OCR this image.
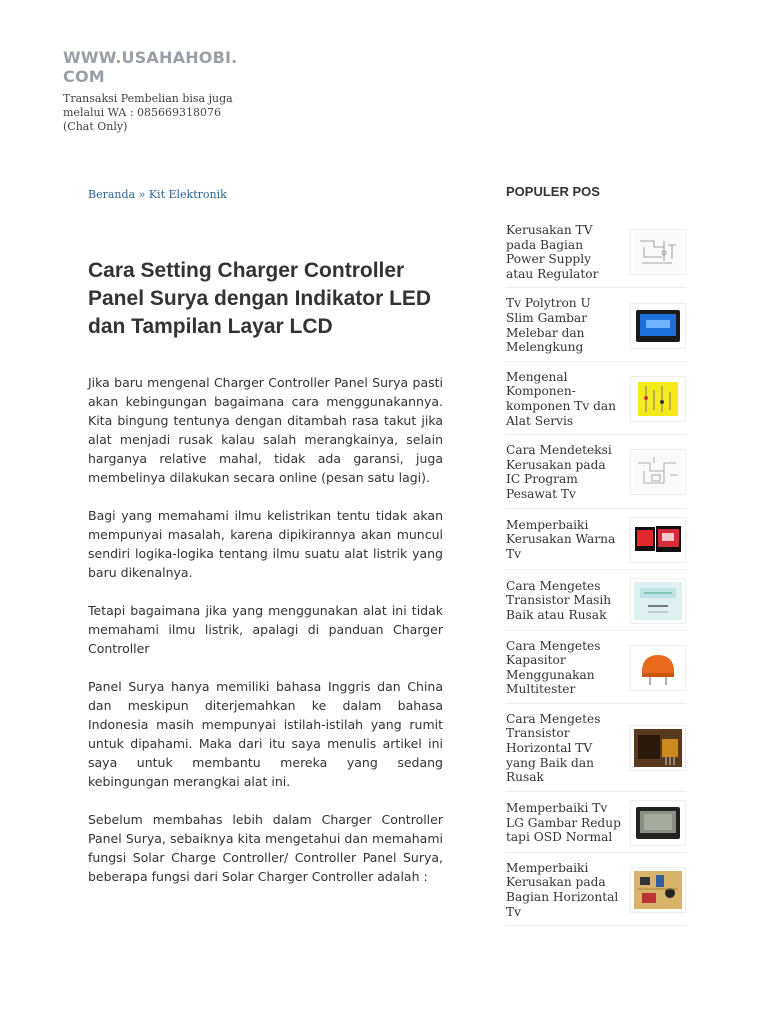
WWW.USAHAHOBI.COM
Transaksi Pembelian bisa juga melalui WA : 085669318076 (Chat Only)
Beranda » Kit Elektronik
Cara Setting Charger Controller Panel Surya dengan Indikator LED dan Tampilan Layar LCD

Jika baru mengenal Charger Controller Panel Surya pasti akan kebingungan bagaimana cara menggunakannya. Kita bingung tentunya dengan ditambah rasa takut jika alat menjadi rusak kalau salah merangkainya, selain harganya relative mahal, tidak ada garansi, juga membelinya dilakukan secara online (pesan satu lagi).

Bagi yang memahami ilmu kelistrikan tentu tidak akan mempunyai masalah, karena dipikirannya akan muncul sendiri logika-logika tentang ilmu suatu alat listrik yang baru dikenalnya.

Tetapi bagaimana jika yang menggunakan alat ini tidak memahami ilmu listrik, apalagi di panduan Charger Controller

Panel Surya hanya memiliki bahasa Inggris dan China dan meskipun diterjemahkan ke dalam bahasa Indonesia masih mempunyai istilah-istilah yang rumit untuk dipahami. Maka dari itu saya menulis artikel ini saya untuk membantu mereka yang sedang kebingungan merangkai alat ini.

Sebelum membahas lebih dalam Charger Controller Panel Surya, sebaiknya kita mengetahui dan memahami fungsi Solar Charge Controller/ Controller Panel Surya, beberapa fungsi dari Solar Charger Controller adalah :

POPULER POS
Kerusakan TV pada Bagian Power Supply atau Regulator
Tv Polytron U Slim Gambar Melebar dan Melengkung
Mengenal Komponen-komponen Tv dan Alat Servis
Cara Mendeteksi Kerusakan pada IC Program Pesawat Tv
Memperbaiki Kerusakan Warna Tv
Cara Mengetes Transistor Masih Baik atau Rusak
Cara Mengetes Kapasitor Menggunakan Multitester
Cara Mengetes Transistor Horizontal TV yang Baik dan Rusak
Memperbaiki Tv LG Gambar Redup tapi OSD Normal
Memperbaiki Kerusakan pada Bagian Horizontal Tv
